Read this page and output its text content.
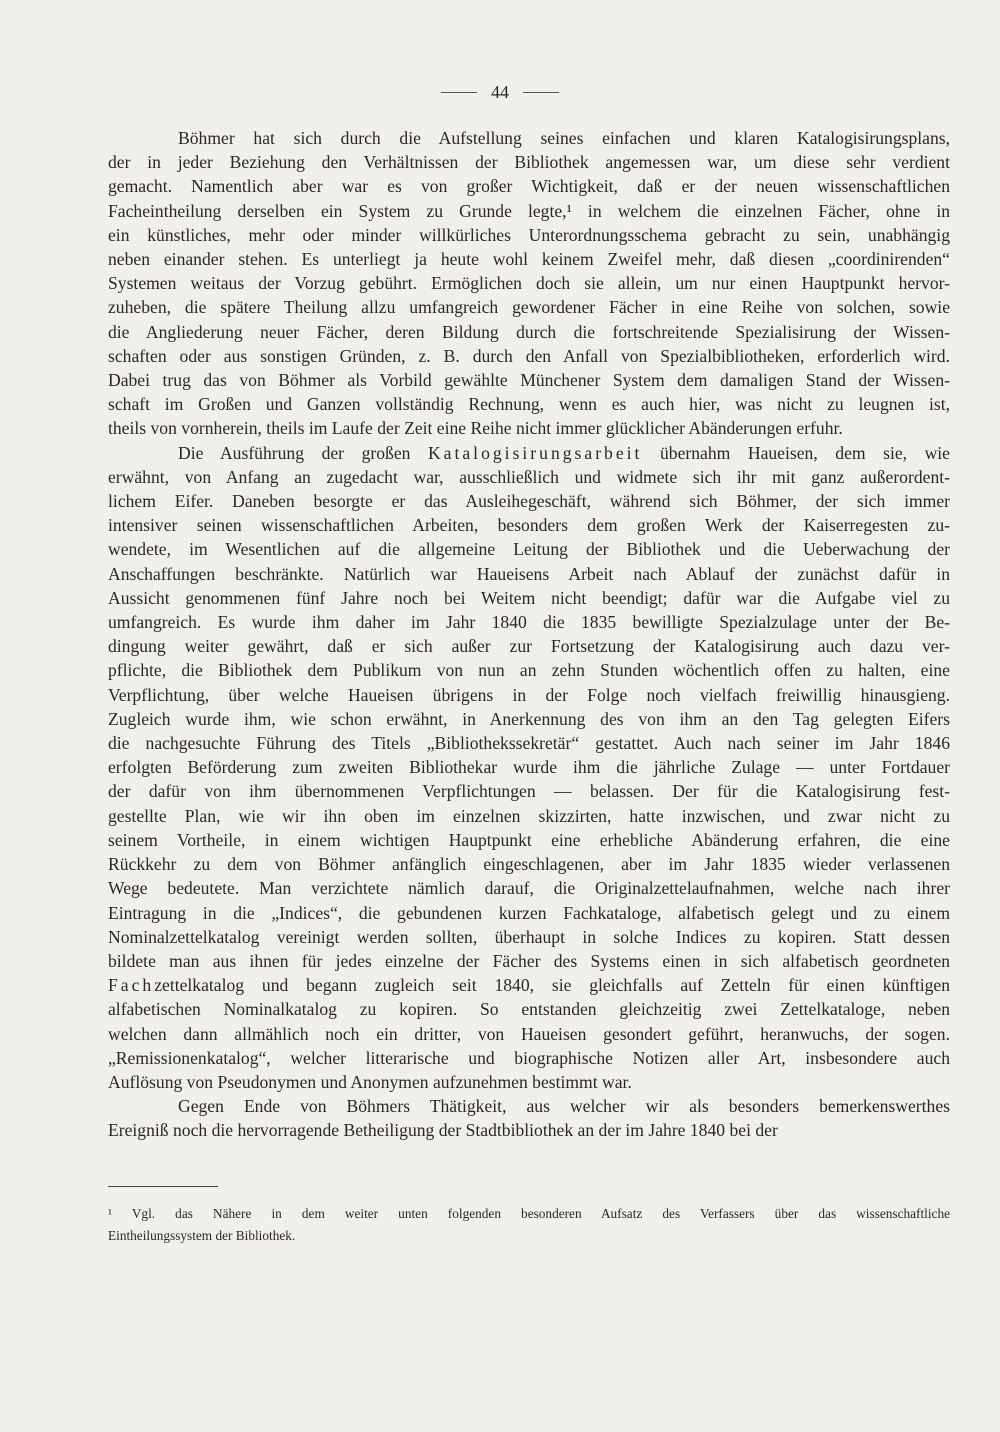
44
Böhmer hat sich durch die Aufstellung seines einfachen und klaren Katalogisirungsplans,
der in jeder Beziehung den Verhältnissen der Bibliothek angemessen war, um diese sehr verdient
gemacht. Namentlich aber war es von großer Wichtigkeit, daß er der neuen wissenschaftlichen
Facheintheilung derselben ein System zu Grunde legte,¹ in welchem die einzelnen Fächer, ohne in
ein künstliches, mehr oder minder willkürliches Unterordnungsschema gebracht zu sein, unabhängig
neben einander stehen. Es unterliegt ja heute wohl keinem Zweifel mehr, daß diesen „coordinirenden“
Systemen weitaus der Vorzug gebührt. Ermöglichen doch sie allein, um nur einen Hauptpunkt hervor-
zuheben, die spätere Theilung allzu umfangreich gewordener Fächer in eine Reihe von solchen, sowie
die Angliederung neuer Fächer, deren Bildung durch die fortschreitende Spezialisirung der Wissen-
schaften oder aus sonstigen Gründen, z. B. durch den Anfall von Spezialbibliotheken, erforderlich wird.
Dabei trug das von Böhmer als Vorbild gewählte Münchener System dem damaligen Stand der Wissen-
schaft im Großen und Ganzen vollständig Rechnung, wenn es auch hier, was nicht zu leugnen ist,
theils von vornherein, theils im Laufe der Zeit eine Reihe nicht immer glücklicher Abänderungen erfuhr.
Die Ausführung der großen Katalogisirungsarbeit übernahm Haueisen, dem sie, wie
erwähnt, von Anfang an zugedacht war, ausschließlich und widmete sich ihr mit ganz außerordent-
lichem Eifer. Daneben besorgte er das Ausleihegeschäft, während sich Böhmer, der sich immer
intensiver seinen wissenschaftlichen Arbeiten, besonders dem großen Werk der Kaiserregesten zu-
wendete, im Wesentlichen auf die allgemeine Leitung der Bibliothek und die Ueberwachung der
Anschaffungen beschränkte. Natürlich war Haueisens Arbeit nach Ablauf der zunächst dafür in
Aussicht genommenen fünf Jahre noch bei Weitem nicht beendigt; dafür war die Aufgabe viel zu
umfangreich. Es wurde ihm daher im Jahr 1840 die 1835 bewilligte Spezialzulage unter der Be-
dingung weiter gewährt, daß er sich außer zur Fortsetzung der Katalogisirung auch dazu ver-
pflichte, die Bibliothek dem Publikum von nun an zehn Stunden wöchentlich offen zu halten, eine
Verpflichtung, über welche Haueisen übrigens in der Folge noch vielfach freiwillig hinausgieng.
Zugleich wurde ihm, wie schon erwähnt, in Anerkennung des von ihm an den Tag gelegten Eifers
die nachgesuchte Führung des Titels „Bibliothekssekretär“ gestattet. Auch nach seiner im Jahr 1846
erfolgten Beförderung zum zweiten Bibliothekar wurde ihm die jährliche Zulage — unter Fortdauer
der dafür von ihm übernommenen Verpflichtungen — belassen. Der für die Katalogisirung fest-
gestellte Plan, wie wir ihn oben im einzelnen skizzirten, hatte inzwischen, und zwar nicht zu
seinem Vortheile, in einem wichtigen Hauptpunkt eine erhebliche Abänderung erfahren, die eine
Rückkehr zu dem von Böhmer anfänglich eingeschlagenen, aber im Jahr 1835 wieder verlassenen
Wege bedeutete. Man verzichtete nämlich darauf, die Originalzettelaufnahmen, welche nach ihrer
Eintragung in die „Indices“, die gebundenen kurzen Fachkataloge, alfabetisch gelegt und zu einem
Nominalzettelkatalog vereinigt werden sollten, überhaupt in solche Indices zu kopiren. Statt dessen
bildete man aus ihnen für jedes einzelne der Fächer des Systems einen in sich alfabetisch geordneten
Fachzettelkatalog und begann zugleich seit 1840, sie gleichfalls auf Zetteln für einen künftigen
alfabetischen Nominalkatalog zu kopiren. So entstanden gleichzeitig zwei Zettelkataloge, neben
welchen dann allmählich noch ein dritter, von Haueisen gesondert geführt, heranwuchs, der sogen.
„Remissionenkatalog“, welcher litterarische und biographische Notizen aller Art, insbesondere auch
Auflösung von Pseudonymen und Anonymen aufzunehmen bestimmt war.
Gegen Ende von Böhmers Thätigkeit, aus welcher wir als besonders bemerkenswerthes
Ereigniß noch die hervorragende Betheiligung der Stadtbibliothek an der im Jahre 1840 bei der
¹ Vgl. das Nähere in dem weiter unten folgenden besonderen Aufsatz des Verfassers über das wissenschaftliche
Eintheilungssystem der Bibliothek.
